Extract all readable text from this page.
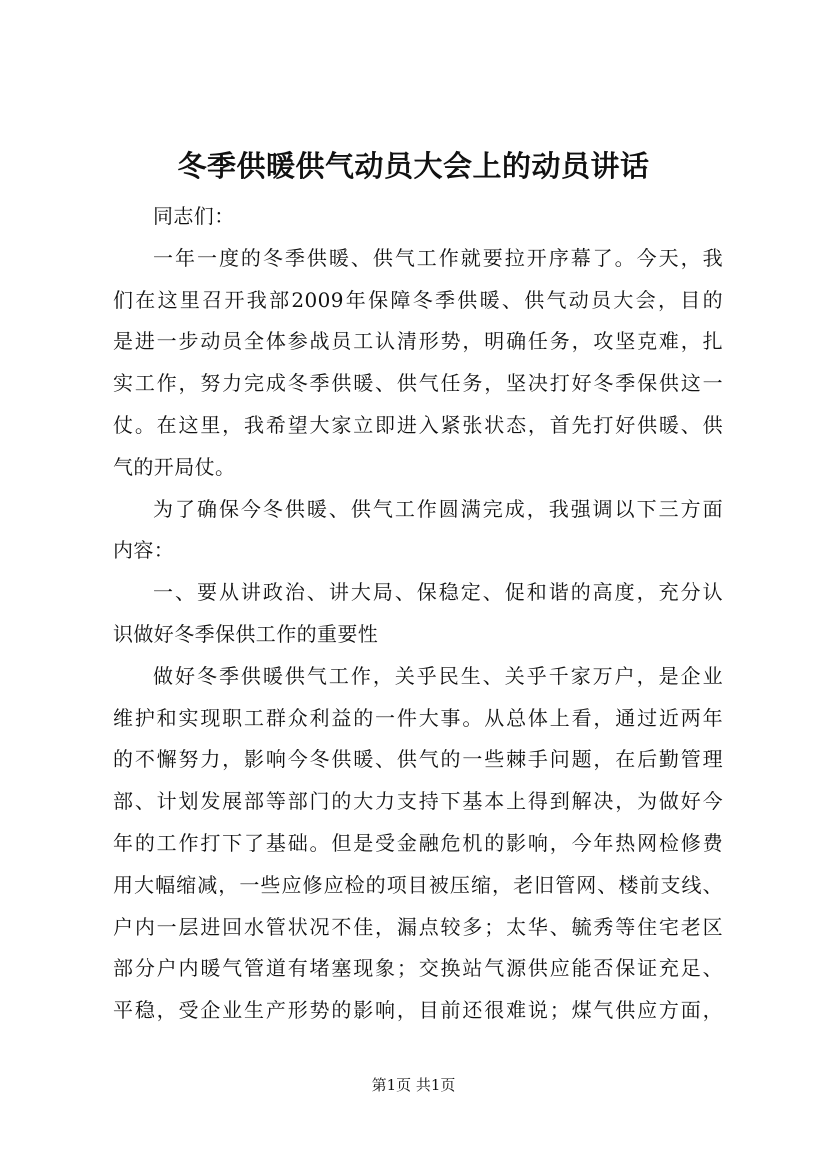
冬季供暖供气动员大会上的动员讲话
同志们：
一年一度的冬季供暖、供气工作就要拉开序幕了。今天，我
们在这里召开我部2009年保障冬季供暖、供气动员大会，目的
是进一步动员全体参战员工认清形势，明确任务，攻坚克难，扎
实工作，努力完成冬季供暖、供气任务，坚决打好冬季保供这一
仗。在这里，我希望大家立即进入紧张状态，首先打好供暖、供
气的开局仗。
为了确保今冬供暖、供气工作圆满完成，我强调以下三方面
内容：
一、要从讲政治、讲大局、保稳定、促和谐的高度，充分认
识做好冬季保供工作的重要性
做好冬季供暖供气工作，关乎民生、关乎千家万户，是企业
维护和实现职工群众利益的一件大事。从总体上看，通过近两年
的不懈努力，影响今冬供暖、供气的一些棘手问题，在后勤管理
部、计划发展部等部门的大力支持下基本上得到解决，为做好今
年的工作打下了基础。但是受金融危机的影响，今年热网检修费
用大幅缩减，一些应修应检的项目被压缩，老旧管网、楼前支线、
户内一层进回水管状况不佳，漏点较多；太华、毓秀等住宅老区
部分户内暖气管道有堵塞现象；交换站气源供应能否保证充足、
平稳，受企业生产形势的影响，目前还很难说；煤气供应方面，
第1页 共1页
